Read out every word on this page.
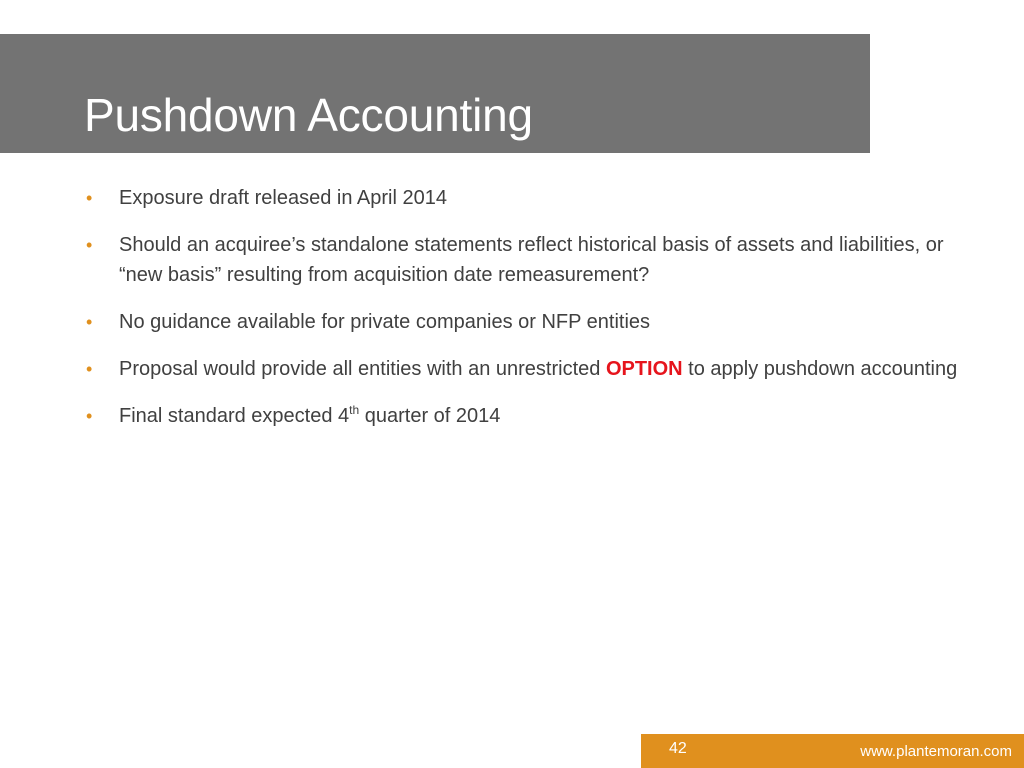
Pushdown Accounting
• Exposure draft released in April 2014
• Should an acquiree’s standalone statements reflect historical basis of assets and liabilities, or “new basis” resulting from acquisition date remeasurement?
• No guidance available for private companies or NFP entities
• Proposal would provide all entities with an unrestricted OPTION to apply pushdown accounting
• Final standard expected 4th quarter of 2014
42	www.plantemoran.com
